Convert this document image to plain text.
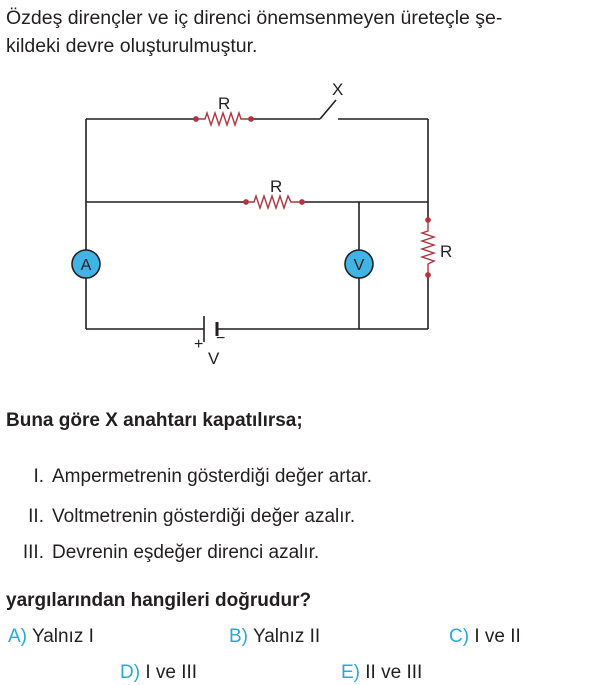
Özdeş dirençler ve iç direnci önemsenmeyen üreteçle şe-
kildeki devre oluşturulmuştur.

X
R
R
R
A	V
+ −
V
Buna göre X anahtarı kapatılırsa;
I. Ampermetrenin gösterdiği değer artar.
II. Voltmetrenin gösterdiği değer azalır.
III. Devrenin eşdeğer direnci azalır.
yargılarından hangileri doğrudur?
A) Yalnız I	B) Yalnız II	C) I ve II
D) I ve III	E) II ve III
